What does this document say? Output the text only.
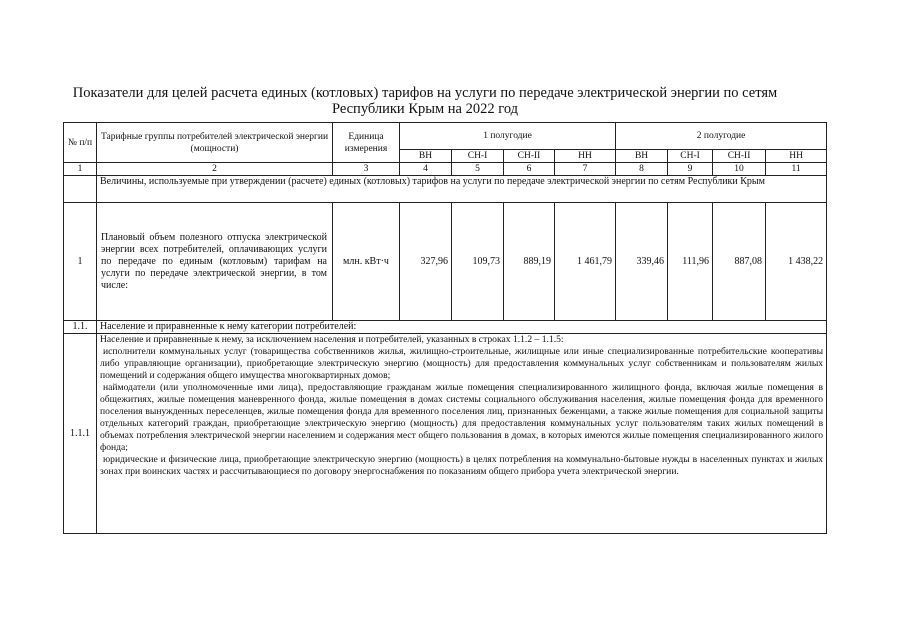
Показатели для целей расчета единых (котловых) тарифов на услуги по передаче электрической энергии по сетям
Республики Крым на 2022 год
№ п/п	Тарифные группы потребителей электрической энергии (мощности)	Единица измерения	1 полугодие				2 полугодие			
			ВН	СН-I	СН-II	НН	ВН	СН-I	СН-II	НН
1	2	3	4	5	6	7	8	9	10	11
	Величины, используемые при утверждении (расчете) единых (котловых) тарифов на услуги по передаче электрической энергии по сетям Республики Крым									
1	Плановый объем полезного отпуска электрической энергии всех потребителей, оплачивающих услуги по передаче по единым (котловым) тарифам на услуги по передаче электрической энергии, в том числе:	млн. кВт·ч	327,96	109,73	889,19	1 461,79	339,46	111,96	887,08	1 438,22
1.1.	Население и приравненные к нему категории потребителей:									
1.1.1	Население и приравненные к нему, за исключением населения и потребителей, указанных в строках 1.1.2 – 1.1.5:

исполнители коммунальных услуг (товарищества собственников жилья, жилищно-строительные, жилищные или иные специализированные потребительские кооперативы либо управляющие организации), приобретающие электрическую энергию (мощность) для предоставления коммунальных услуг собственникам и пользователям жилых помещений и содержания общего имущества многоквартирных домов;

наймодатели (или уполномоченные ими лица), предоставляющие гражданам жилые помещения специализированного жилищного фонда, включая жилые помещения в общежитиях, жилые помещения маневренного фонда, жилые помещения в домах системы социального обслуживания населения, жилые помещения фонда для временного поселения вынужденных переселенцев, жилые помещения фонда для временного поселения лиц, признанных беженцами, а также жилые помещения для социальной защиты отдельных категорий граждан, приобретающие электрическую энергию (мощность) для предоставления коммунальных услуг пользователям таких жилых помещений в объемах потребления электрической энергии населением и содержания мест общего пользования в домах, в которых имеются жилые помещения специализированного жилого фонда;

юридические и физические лица, приобретающие электрическую энергию (мощность) в целях потребления на коммунально-бытовые нужды в населенных пунктах и жилых зонах при воинских частях и рассчитывающиеся по договору энергоснабжения по показаниям общего прибора учета электрической энергии.									
